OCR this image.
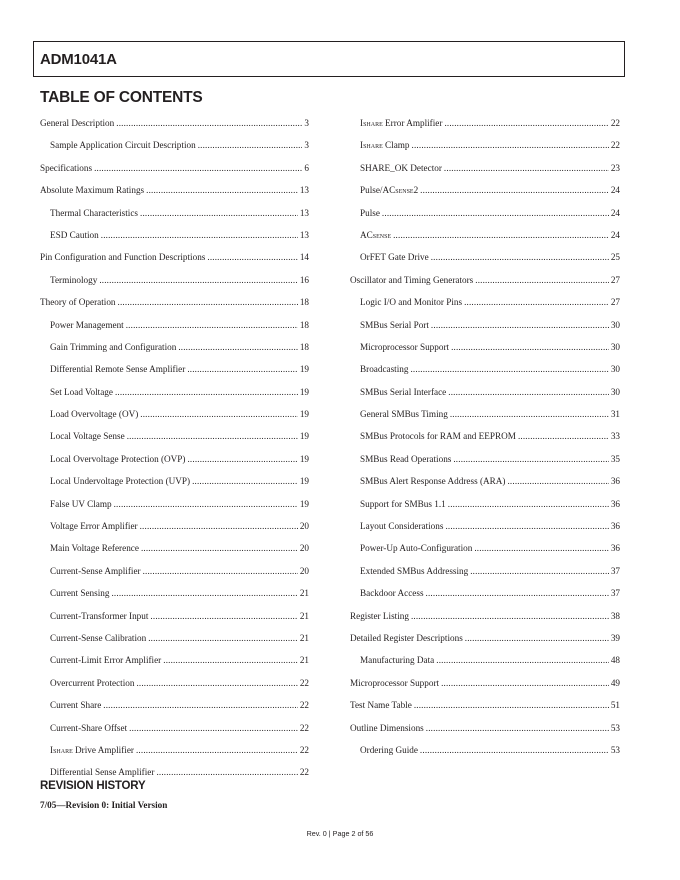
ADM1041A
TABLE OF CONTENTS
General Description .....	3
Sample Application Circuit Description .....	3
Specifications .....	6
Absolute Maximum Ratings .....	13
Thermal Characteristics .....	13
ESD Caution .....	13
Pin Configuration and Function Descriptions .....	14
Terminology .....	16
Theory of Operation .....	18
Power Management .....	18
Gain Trimming and Configuration .....	18
Differential Remote Sense Amplifier .....	19
Set Load Voltage .....	19
Load Overvoltage (OV) .....	19
Local Voltage Sense .....	19
Local Overvoltage Protection (OVP) .....	19
Local Undervoltage Protection (UVP) .....	19
False UV Clamp .....	19
Voltage Error Amplifier .....	20
Main Voltage Reference .....	20
Current-Sense Amplifier .....	20
Current Sensing .....	21
Current-Transformer Input .....	21
Current-Sense Calibration .....	21
Current-Limit Error Amplifier .....	21
Overcurrent Protection .....	22
Current Share .....	22
Current-Share Offset .....	22
ISHARE Drive Amplifier .....	22
Differential Sense Amplifier .....	22
ISHARE Error Amplifier .....	22
ISHARE Clamp .....	22
SHARE_OK Detector .....	23
Pulse/ACSENSE2 .....	24
Pulse .....	24
ACSENSE .....	24
OrFET Gate Drive .....	25
Oscillator and Timing Generators .....	27
Logic I/O and Monitor Pins .....	27
SMBus Serial Port .....	30
Microprocessor Support .....	30
Broadcasting .....	30
SMBus Serial Interface .....	30
General SMBus Timing .....	31
SMBus Protocols for RAM and EEPROM .....	33
SMBus Read Operations .....	35
SMBus Alert Response Address (ARA) .....	36
Support for SMBus 1.1 .....	36
Layout Considerations .....	36
Power-Up Auto-Configuration .....	36
Extended SMBus Addressing .....	37
Backdoor Access .....	37
Register Listing .....	38
Detailed Register Descriptions .....	39
Manufacturing Data .....	48
Microprocessor Support .....	49
Test Name Table .....	51
Outline Dimensions .....	53
Ordering Guide .....	53
REVISION HISTORY
7/05—Revision 0: Initial Version
Rev. 0 | Page 2 of 56
